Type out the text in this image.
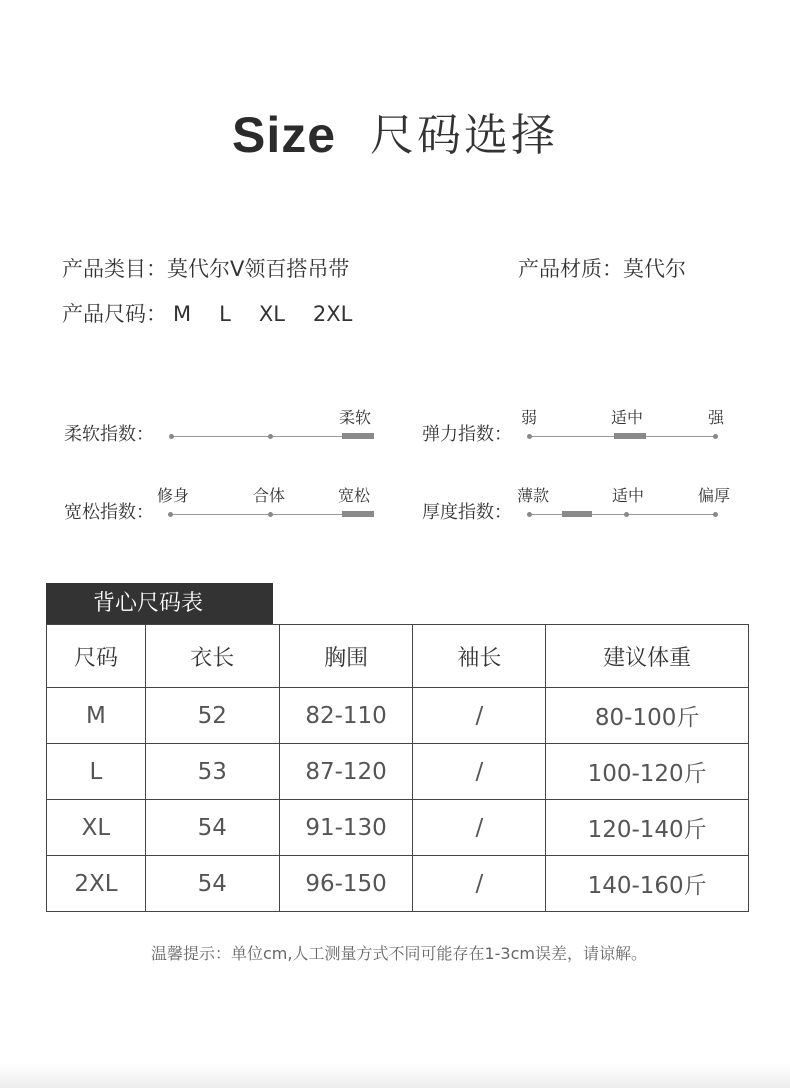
Size 尺码选择
产品类目：莫代尔V领百搭吊带	产品材质：莫代尔
产品尺码： M L XL 2XL
柔软指数：
柔软
弹力指数：
弱	适中	强
宽松指数：
修身	合体	宽松
厚度指数：
薄款	适中	偏厚
背心尺码表
尺码	衣长	胸围	袖长	建议体重
M	52	82-110	/	80-100斤
L	53	87-120	/	100-120斤
XL	54	91-130	/	120-140斤
2XL	54	96-150	/	140-160斤
温馨提示：单位cm,人工测量方式不同可能存在1-3cm误差，请谅解。
